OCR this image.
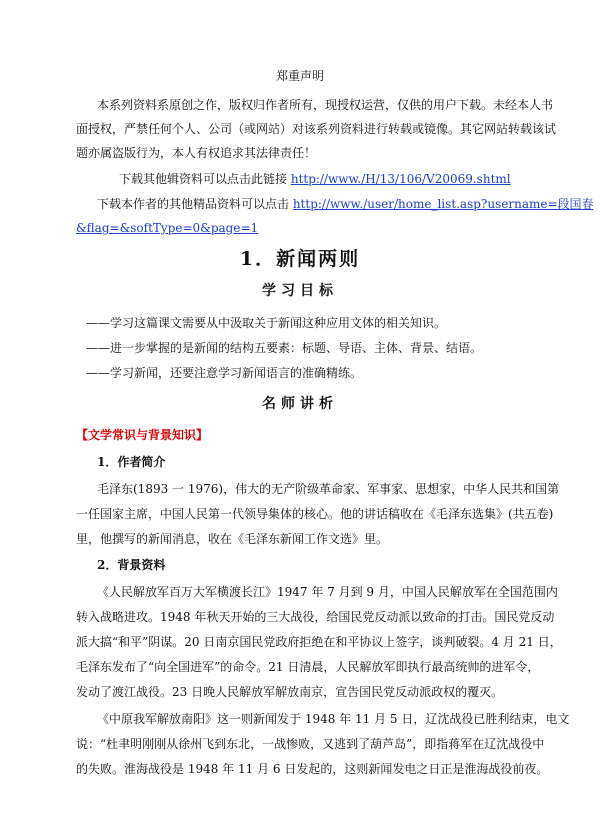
郑重声明
本系列资料系原创之作，版权归作者所有，现授权运营，仅供的用户下载。未经本人书
面授权，严禁任何个人、公司（或网站）对该系列资料进行转载或镜像。其它网站转载该试
题亦属盗版行为，本人有权追求其法律责任！
下载其他辑资料可以点击此链接 http://www./H/13/106/V20069.shtml
下载本作者的其他精品资料可以点击 http://www./user/home_list.asp?username=段国春
&flag=&softType=0&page=1
1．新闻两则
学习目标
——学习这篇课文需要从中汲取关于新闻这种应用文体的相关知识。
——进一步掌握的是新闻的结构五要素：标题、导语、主体、背景、结语。
——学习新闻，还要注意学习新闻语言的准确精练。
名师讲析
【文学常识与背景知识】
1．作者简介
毛泽东(1893 一 1976)，伟大的无产阶级革命家、军事家、思想家，中华人民共和国第
一任国家主席，中国人民第一代领导集体的核心。他的讲话稿收在《毛泽东选集》(共五卷)
里，他撰写的新闻消息，收在《毛泽东新闻工作文选》里。
2．背景资料
《人民解放军百万大军横渡长江》1947 年 7 月到 9 月，中国人民解放军在全国范围内
转入战略进攻。1948 年秋天开始的三大战役，给国民党反动派以致命的打击。国民党反动
派大搞“和平”阴谋。20 日南京国民党政府拒绝在和平协议上签字，谈判破裂。4 月 21 日，
毛泽东发布了“向全国进军”的命令。21 日清晨，人民解放军即执行最高统帅的进军令，
发动了渡江战役。23 日晚人民解放军解放南京，宣告国民党反动派政权的覆灭。
《中原我军解放南阳》这一则新闻发于 1948 年 11 月 5 日，辽沈战役已胜利结束，电文
说：“杜聿明刚刚从徐州飞到东北，一战惨败，又逃到了葫芦岛”，即指蒋军在辽沈战役中
的失败。淮海战役是 1948 年 11 月 6 日发起的，这则新闻发电之日正是淮海战役前夜。
